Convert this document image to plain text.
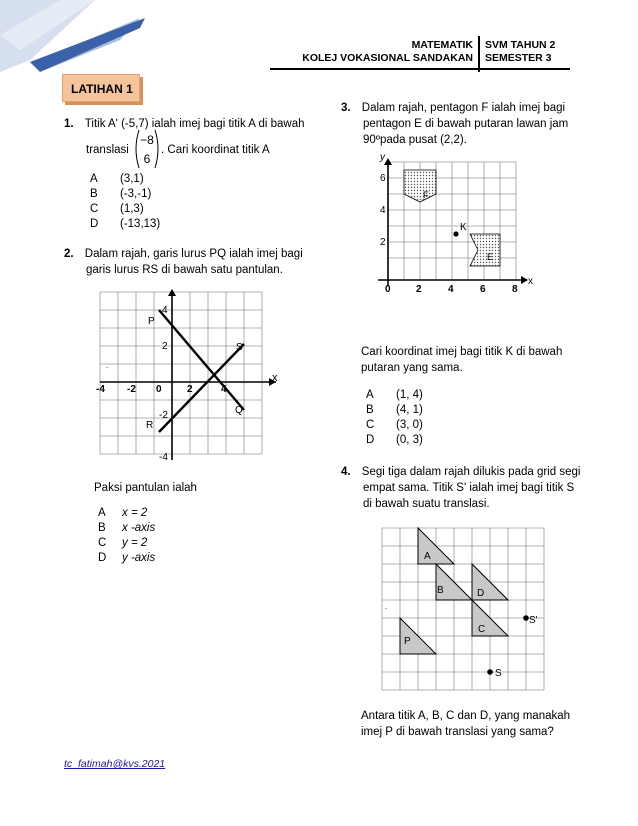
MATEMATIK
KOLEJ VOKASIONAL SANDAKAN
SVM TAHUN 2
SEMESTER 3
LATIHAN 1
1. Titik A' (-5,7) ialah imej bagi titik A di bawah
translasi
−8
6
. Cari koordinat titik A
A (3,1)
B (-3,-1)
C (1,3)
D (-13,13)
2. Dalam rajah, garis lurus PQ ialah imej bagi
garis lurus RS di bawah satu pantulan.
x
-4 -2 0	2	4
4
2
-2
-4
P
Q
R
S
.
Paksi pantulan ialah
A x = 2
B x -axis
C y = 2
D y -axis
3. Dalam rajah, pentagon F ialah imej bagi
pentagon E di bawah putaran lawan jam
90ºpada pusat (2,2).
y
x
0	2	4	6	8
6
4
2
F
K
E
Cari koordinat imej bagi titik K di bawah
putaran yang sama.
A (1, 4)
B (4, 1)
C (3, 0)
D (0, 3)
4. Segi tiga dalam rajah dilukis pada grid segi
empat sama. Titik S' ialah imej bagi titik S
di bawah suatu translasi.
A
B	D
C
P
S'
S
.
Antara titik A, B, C dan D, yang manakah
imej P di bawah translasi yang sama?
tc_fatimah@kvs.2021
